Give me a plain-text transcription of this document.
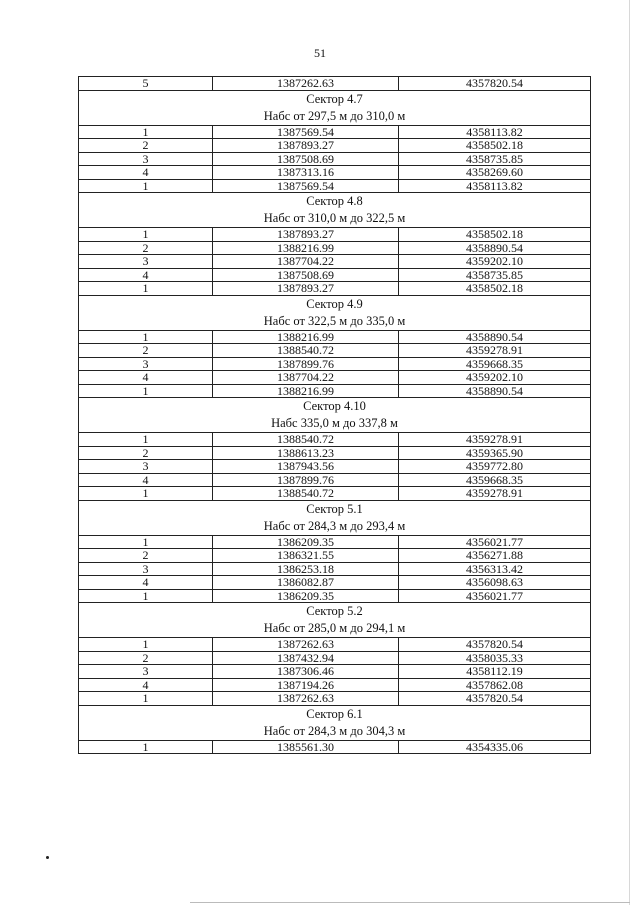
51
5	1387262.63	4357820.54
Сектор 4.7		
Набс от 297,5 м до 310,0 м		
1	1387569.54	4358113.82
2	1387893.27	4358502.18
3	1387508.69	4358735.85
4	1387313.16	4358269.60
1	1387569.54	4358113.82
Сектор 4.8		
Набс от 310,0 м до 322,5 м		
1	1387893.27	4358502.18
2	1388216.99	4358890.54
3	1387704.22	4359202.10
4	1387508.69	4358735.85
1	1387893.27	4358502.18
Сектор 4.9		
Набс от 322,5 м до 335,0 м		
1	1388216.99	4358890.54
2	1388540.72	4359278.91
3	1387899.76	4359668.35
4	1387704.22	4359202.10
1	1388216.99	4358890.54
Сектор 4.10		
Набс 335,0 м до 337,8 м		
1	1388540.72	4359278.91
2	1388613.23	4359365.90
3	1387943.56	4359772.80
4	1387899.76	4359668.35
1	1388540.72	4359278.91
Сектор 5.1		
Набс от 284,3 м до 293,4 м		
1	1386209.35	4356021.77
2	1386321.55	4356271.88
3	1386253.18	4356313.42
4	1386082.87	4356098.63
1	1386209.35	4356021.77
Сектор 5.2		
Набс от 285,0 м до 294,1 м		
1	1387262.63	4357820.54
2	1387432.94	4358035.33
3	1387306.46	4358112.19
4	1387194.26	4357862.08
1	1387262.63	4357820.54
Сектор 6.1		
Набс от 284,3 м до 304,3 м		
1	1385561.30	4354335.06
